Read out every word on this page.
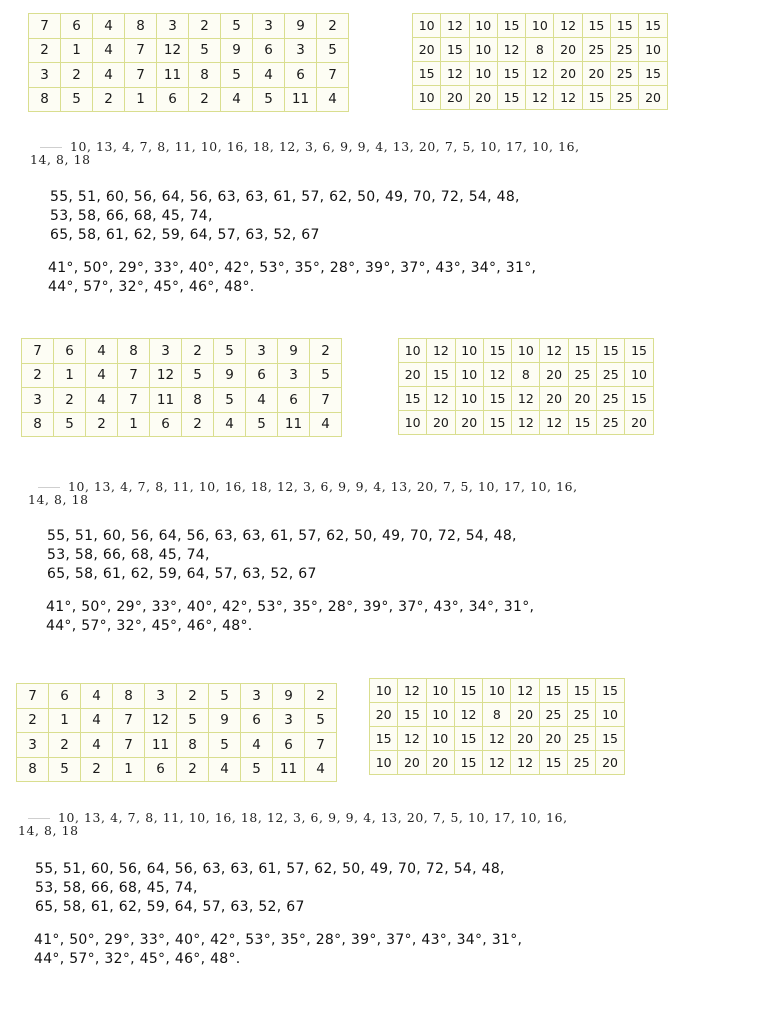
7	6	4	8	3	2	5	3	9	2
2	1	4	7	12	5	9	6	3	5
3	2	4	7	11	8	5	4	6	7
8	5	2	1	6	2	4	5	11	4
10	12	10	15	10	12	15	15	15
20	15	10	12	8	20	25	25	10
15	12	10	15	12	20	20	25	15
10	20	20	15	12	12	15	25	20
10, 13, 4, 7, 8, 11, 10, 16, 18, 12, 3, 6, 9, 9, 4, 13, 20, 7, 5, 10, 17, 10, 16,
14, 8, 18
55, 51, 60, 56, 64, 56, 63, 63, 61, 57, 62, 50, 49, 70, 72, 54, 48,
53, 58, 66, 68, 45, 74,
65, 58, 61, 62, 59, 64, 57, 63, 52, 67
41°, 50°, 29°, 33°, 40°, 42°, 53°, 35°, 28°, 39°, 37°, 43°, 34°, 31°,
44°, 57°, 32°, 45°, 46°, 48°.
7	6	4	8	3	2	5	3	9	2
2	1	4	7	12	5	9	6	3	5
3	2	4	7	11	8	5	4	6	7
8	5	2	1	6	2	4	5	11	4
10	12	10	15	10	12	15	15	15
20	15	10	12	8	20	25	25	10
15	12	10	15	12	20	20	25	15
10	20	20	15	12	12	15	25	20
10, 13, 4, 7, 8, 11, 10, 16, 18, 12, 3, 6, 9, 9, 4, 13, 20, 7, 5, 10, 17, 10, 16,
14, 8, 18
55, 51, 60, 56, 64, 56, 63, 63, 61, 57, 62, 50, 49, 70, 72, 54, 48,
53, 58, 66, 68, 45, 74,
65, 58, 61, 62, 59, 64, 57, 63, 52, 67
41°, 50°, 29°, 33°, 40°, 42°, 53°, 35°, 28°, 39°, 37°, 43°, 34°, 31°,
44°, 57°, 32°, 45°, 46°, 48°.
7	6	4	8	3	2	5	3	9	2
2	1	4	7	12	5	9	6	3	5
3	2	4	7	11	8	5	4	6	7
8	5	2	1	6	2	4	5	11	4
10	12	10	15	10	12	15	15	15
20	15	10	12	8	20	25	25	10
15	12	10	15	12	20	20	25	15
10	20	20	15	12	12	15	25	20
10, 13, 4, 7, 8, 11, 10, 16, 18, 12, 3, 6, 9, 9, 4, 13, 20, 7, 5, 10, 17, 10, 16,
14, 8, 18
55, 51, 60, 56, 64, 56, 63, 63, 61, 57, 62, 50, 49, 70, 72, 54, 48,
53, 58, 66, 68, 45, 74,
65, 58, 61, 62, 59, 64, 57, 63, 52, 67
41°, 50°, 29°, 33°, 40°, 42°, 53°, 35°, 28°, 39°, 37°, 43°, 34°, 31°,
44°, 57°, 32°, 45°, 46°, 48°.
